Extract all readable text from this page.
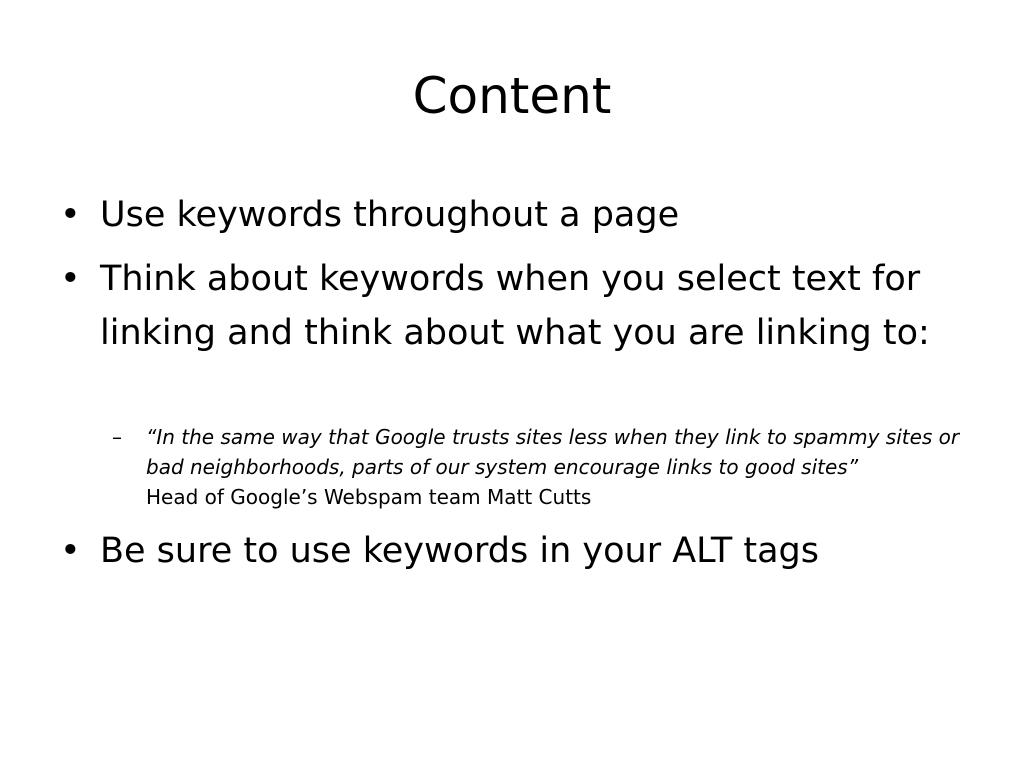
Content
• Use keywords throughout a page
• Think about keywords when you select text for linking and think about what you are linking to:
– “In the same way that Google trusts sites less when they link to spammy sites or bad neighborhoods, parts of our system encourage links to good sites”
Head of Google’s Webspam team Matt Cutts
• Be sure to use keywords in your ALT tags
